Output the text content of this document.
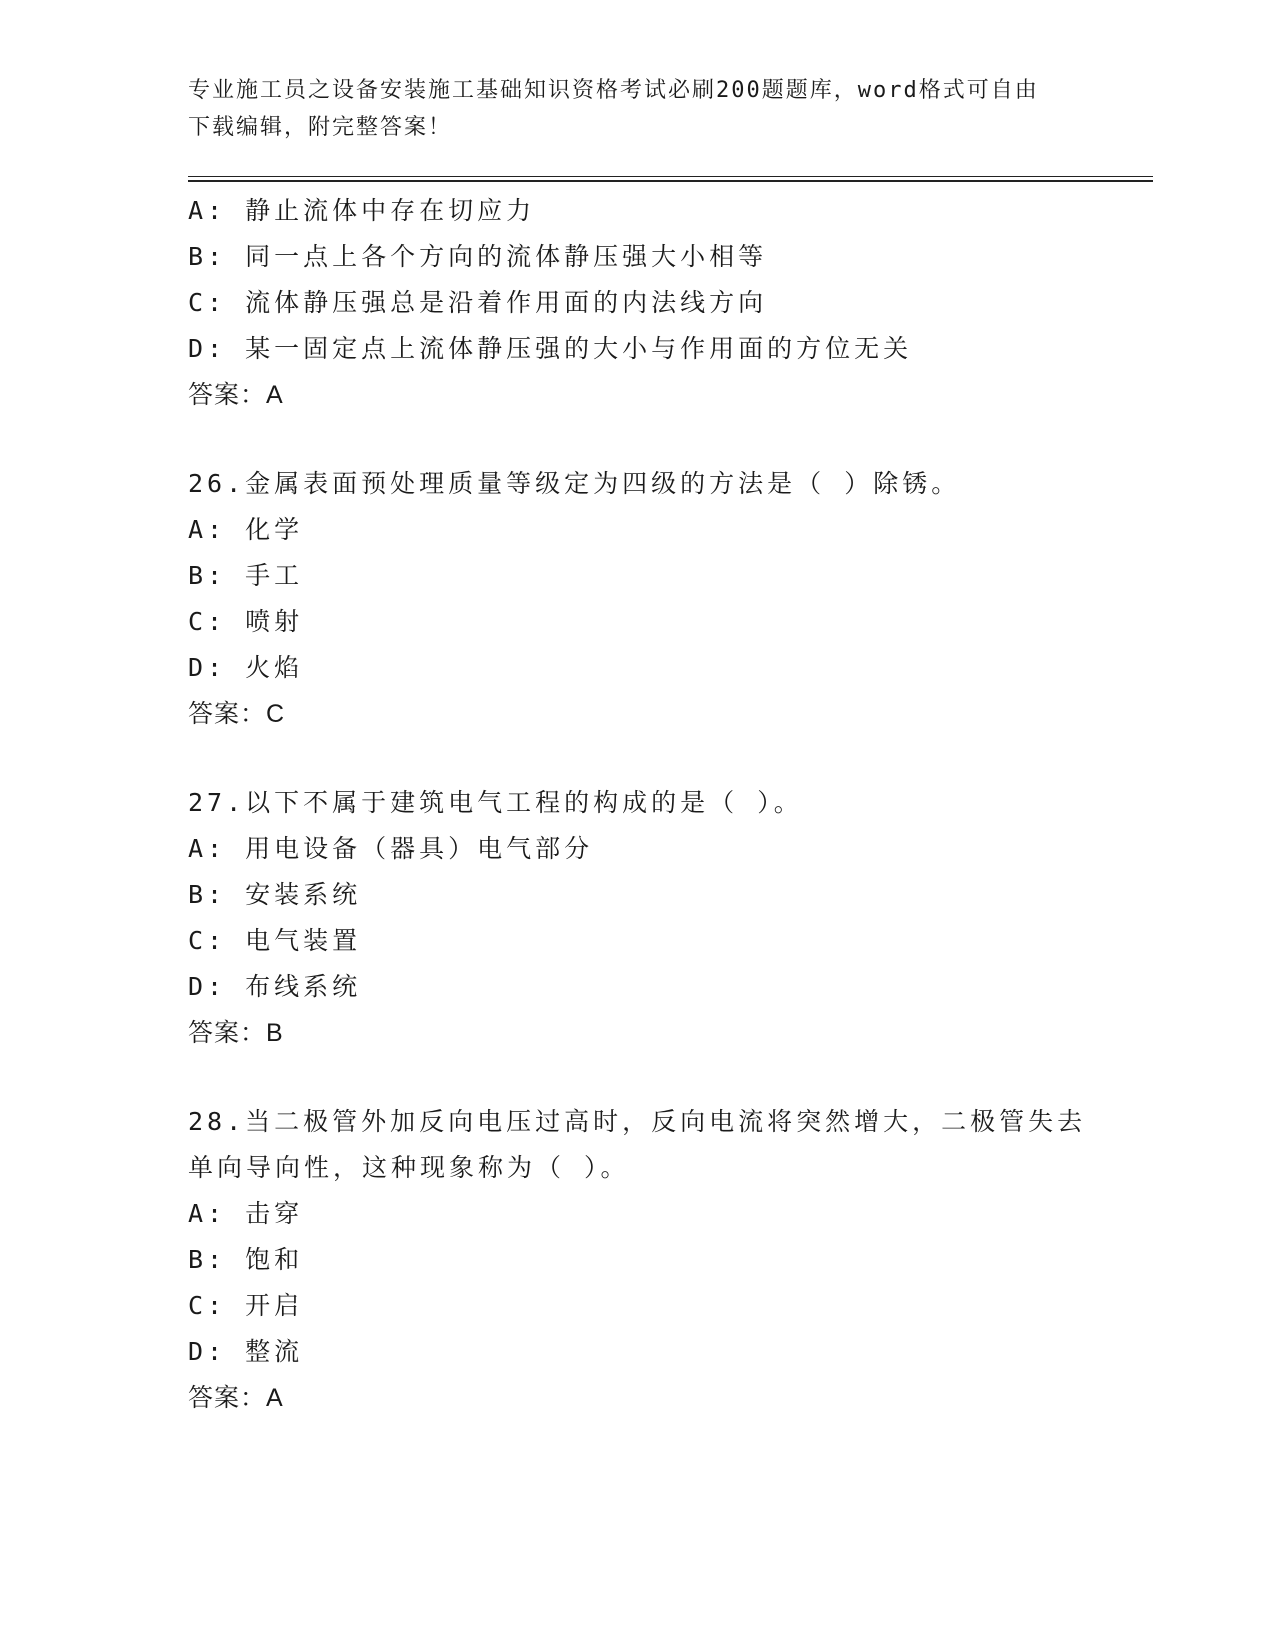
专业施工员之设备安装施工基础知识资格考试必刷200题题库，word格式可自由
下载编辑，附完整答案！
A: 静止流体中存在切应力
B: 同一点上各个方向的流体静压强大小相等
C: 流体静压强总是沿着作用面的内法线方向
D: 某一固定点上流体静压强的大小与作用面的方位无关
答案：A
26.金属表面预处理质量等级定为四级的方法是（ ）除锈。
A: 化学
B: 手工
C: 喷射
D: 火焰
答案：C
27.以下不属于建筑电气工程的构成的是（ ）。
A: 用电设备（器具）电气部分
B: 安装系统
C: 电气装置
D: 布线系统
答案：B
28.当二极管外加反向电压过高时，反向电流将突然增大，二极管失去
单向导向性，这种现象称为（ ）。
A: 击穿
B: 饱和
C: 开启
D: 整流
答案：A
